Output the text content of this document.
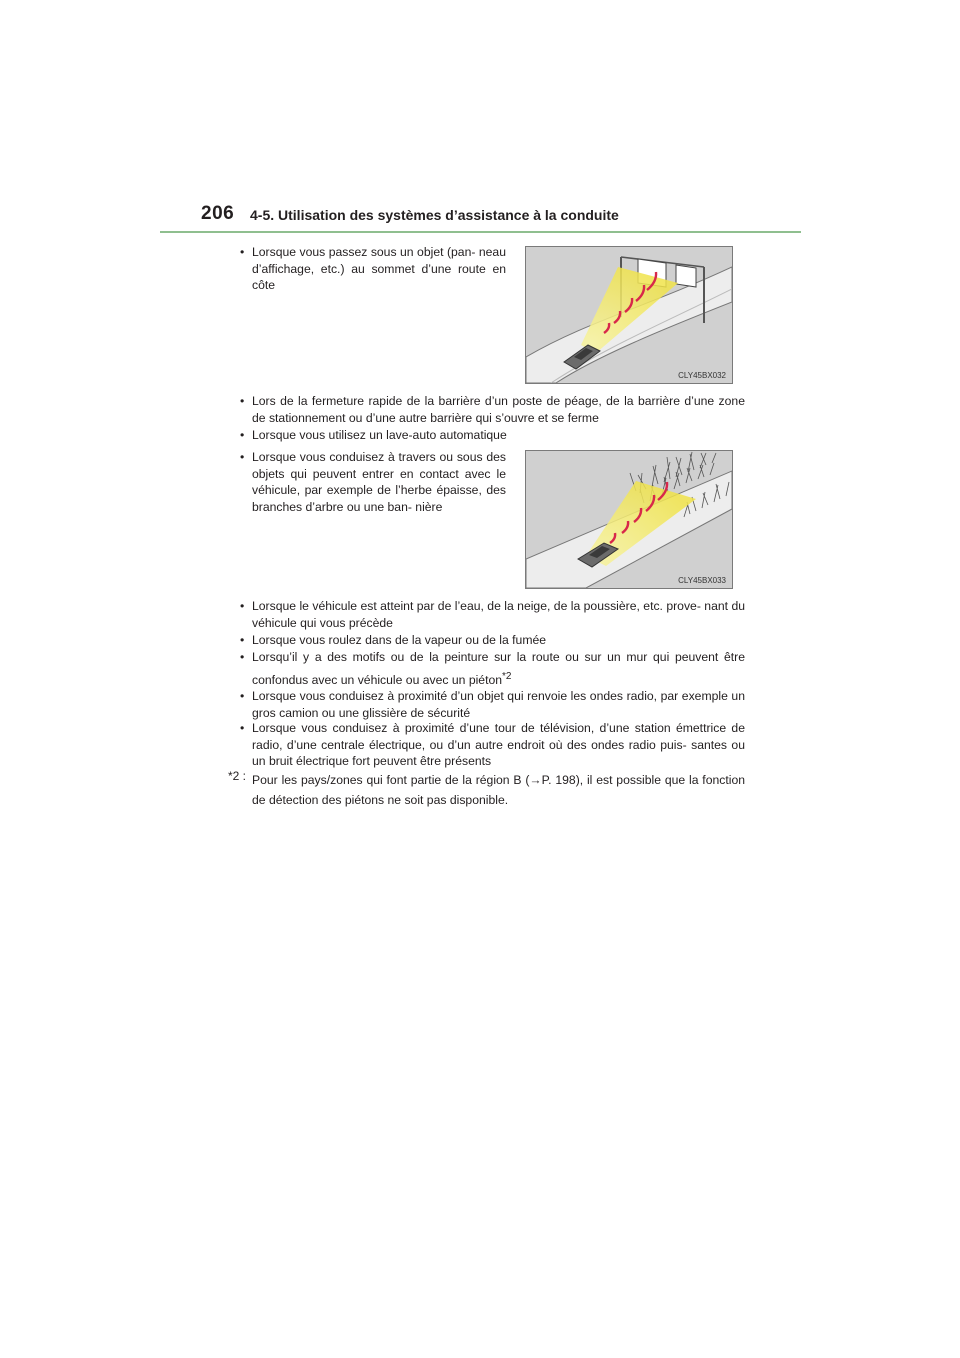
206 4-5. Utilisation des systèmes d’assistance à la conduite
• Lorsque vous passez sous un objet (pan- neau d’affichage, etc.) au sommet d’une route en côte
CLY45BX032
• Lors de la fermeture rapide de la barrière d’un poste de péage, de la barrière d’une zone de stationnement ou d’une autre barrière qui s’ouvre et se ferme
• Lorsque vous utilisez un lave-auto automatique
• Lorsque vous conduisez à travers ou sous des objets qui peuvent entrer en contact avec le véhicule, par exemple de l’herbe épaisse, des branches d’arbre ou une ban- nière
CLY45BX033
• Lorsque le véhicule est atteint par de l’eau, de la neige, de la poussière, etc. prove- nant du véhicule qui vous précède
• Lorsque vous roulez dans de la vapeur ou de la fumée
• Lorsqu’il y a des motifs ou de la peinture sur la route ou sur un mur qui peuvent être confondus avec un véhicule ou avec un piéton$^{*2}$
• Lorsque vous conduisez à proximité d’un objet qui renvoie les ondes radio, par exemple un gros camion ou une glissière de sécurité
• Lorsque vous conduisez à proximité d’une tour de télévision, d’une station émettrice de radio, d’une centrale électrique, ou d’un autre endroit où des ondes radio puis- santes ou un bruit électrique fort peuvent être présents
*2 : Pour les pays/zones qui font partie de la région B (→P. 198), il est possible que la fonction de détection des piétons ne soit pas disponible.
